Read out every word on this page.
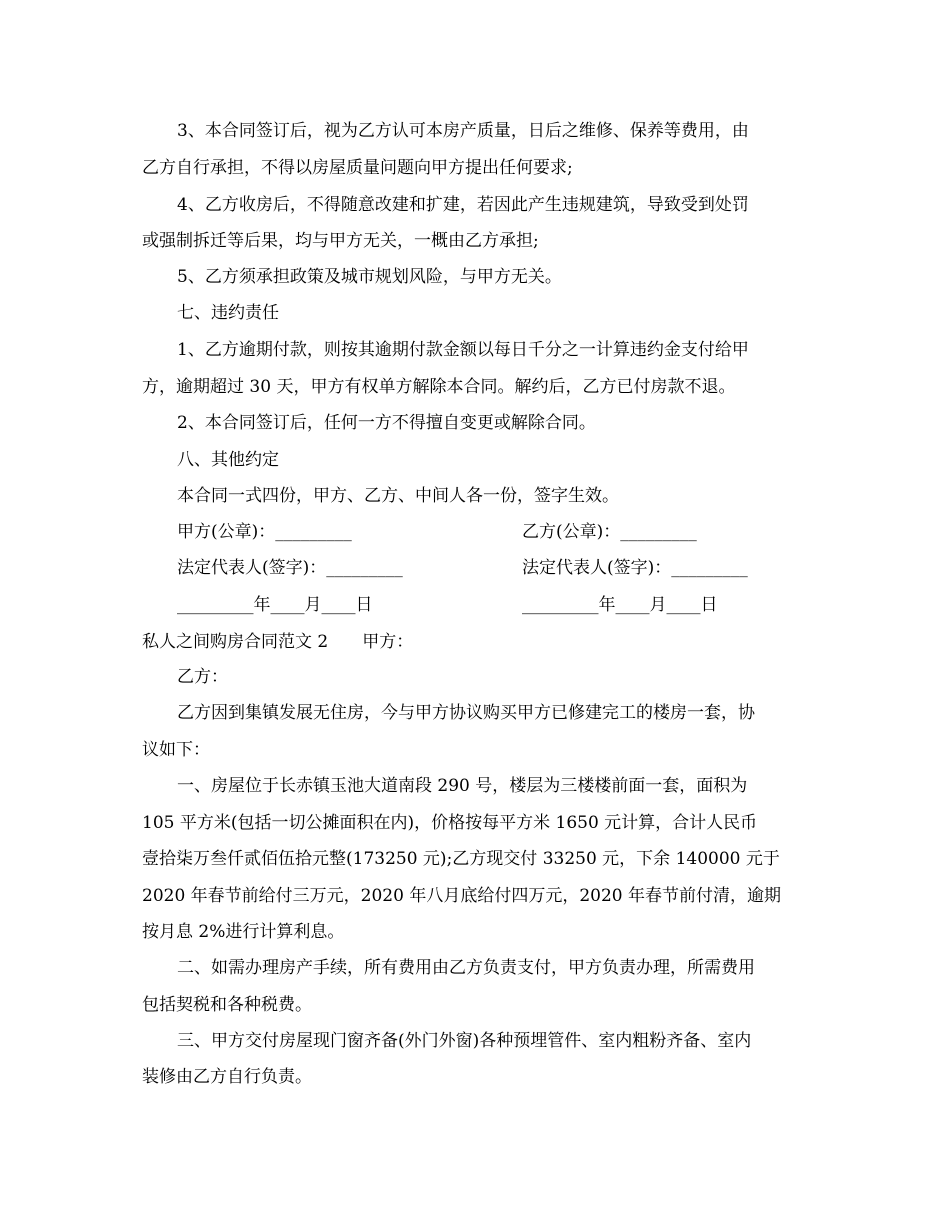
3、本合同签订后，视为乙方认可本房产质量，日后之维修、保养等费用，由
乙方自行承担，不得以房屋质量问题向甲方提出任何要求;
4、乙方收房后，不得随意改建和扩建，若因此产生违规建筑，导致受到处罚
或强制拆迁等后果，均与甲方无关，一概由乙方承担;
5、乙方须承担政策及城市规划风险，与甲方无关。
七、违约责任
1、乙方逾期付款，则按其逾期付款金额以每日千分之一计算违约金支付给甲
方，逾期超过 30 天，甲方有权单方解除本合同。解约后，乙方已付房款不退。
2、本合同签订后，任何一方不得擅自变更或解除合同。
八、其他约定
本合同一式四份，甲方、乙方、中间人各一份，签字生效。
甲方(公章)：_________	乙方(公章)：_________
法定代表人(签字)：_________	法定代表人(签字)：_________
_________年____月____日	_________年____月____日
私人之间购房合同范文 2　　甲方：
乙方：
乙方因到集镇发展无住房，今与甲方协议购买甲方已修建完工的楼房一套，协
议如下：
一、房屋位于长赤镇玉池大道南段 290 号，楼层为三楼楼前面一套，面积为
105 平方米(包括一切公摊面积在内)，价格按每平方米 1650 元计算，合计人民币
壹拾柒万叁仟贰佰伍拾元整(173250 元);乙方现交付 33250 元，下余 140000 元于
2020 年春节前给付三万元，2020 年八月底给付四万元，2020 年春节前付清，逾期
按月息 2%进行计算利息。
二、如需办理房产手续，所有费用由乙方负责支付，甲方负责办理，所需费用
包括契税和各种税费。
三、甲方交付房屋现门窗齐备(外门外窗)各种预埋管件、室内粗粉齐备、室内
装修由乙方自行负责。
